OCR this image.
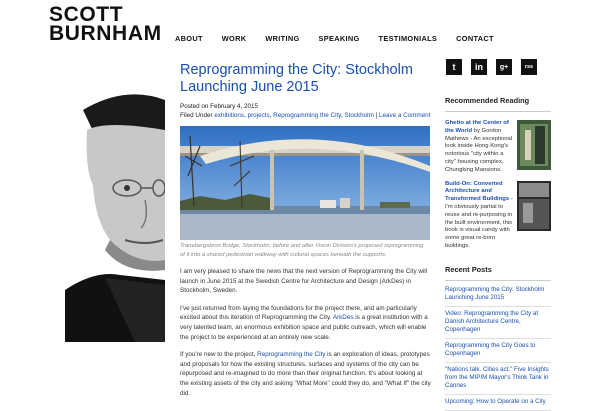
SCOTT
BURNHAM ABOUT	WORK	WRITING	SPEAKING	TESTIMONIALS	CONTACT
Reprogramming the City: Stockholm Launching June 2015
Posted on February 4, 2015
Filed Under exhibitions, projects, Reprogramming the City, Stockholm | Leave a Comment
Tranebergsbron Bridge, Stockholm, before and after Vision Division's proposed reprogramming of it into a shared pedestrian walkway with cultural spaces beneath the supports.
I am very pleased to share the news that the next version of Reprogramming the City will launch in June 2015 at the Swedish Centre for Architecture and Design (ArkDes) in Stockholm, Sweden.
I've just returned from laying the foundations for the project there, and am particularly excited about this iteration of Reprogramming the City. ArkDes is a great institution with a very talented team, an enormous exhibition space and public outreach, which will enable the project to be experienced at an entirely new scale.
If you're new to the project, Reprogramming the City is an exploration of ideas, prototypes and proposals for how the existing structures, surfaces and systems of the city can be repurposed and re-imagined to do more than their original function. It's about looking at the existing assets of the city and asking "What More" could they do, and "What If" the city did.
t	in	g+	rss
Recommended Reading
Ghetto at the Center of the World by Gordon Mathews - An exceptional look inside Hong Kong's notorious "city within a city" housing complex, Chungking Mansions.
Build-On: Converted Architecture and Transformed Buildings - I'm obviously partial to reuse and re-purposing in the built environment, this book is visual candy with some great re-born buildings.
Recent Posts
Reprogramming the City: Stockholm Launching June 2015
Video: Reprogramming the City at Danish Architecture Centre, Copenhagen
Reprogramming the City Goes to Copenhagen
"Nations talk. Cities act." Five Insights from the MIPIM Mayor's Think Tank in Cannes
Upcoming: How to Operate on a City
